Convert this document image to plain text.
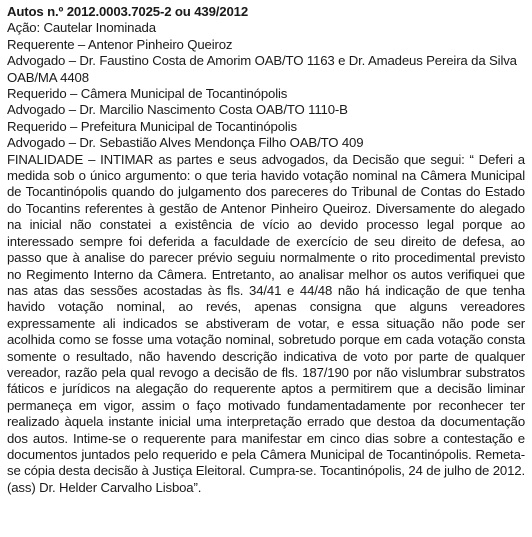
Autos n.º 2012.0003.7025-2 ou 439/2012
Ação: Cautelar Inominada
Requerente – Antenor Pinheiro Queiroz
Advogado – Dr. Faustino Costa de Amorim OAB/TO 1163 e Dr. Amadeus Pereira da Silva
OAB/MA 4408
Requerido – Câmera Municipal de Tocantinópolis
Advogado – Dr. Marcilio Nascimento Costa OAB/TO 1110-B
Requerido – Prefeitura Municipal de Tocantinópolis
Advogado – Dr. Sebastião Alves Mendonça Filho OAB/TO 409

FINALIDADE – INTIMAR as partes e seus advogados, da Decisão que segui: “ Deferi a medida sob o único argumento: o que teria havido votação nominal na Câmera Municipal de Tocantinópolis quando do julgamento dos pareceres do Tribunal de Contas do Estado do Tocantins referentes à gestão de Antenor Pinheiro Queiroz. Diversamente do alegado na inicial não constatei a existência de vício ao devido processo legal porque ao interessado sempre foi deferida a faculdade de exercício de seu direito de defesa, ao passo que à analise do parecer prévio seguiu normalmente o rito procedimental previsto no Regimento Interno da Câmera. Entretanto, ao analisar melhor os autos verifiquei que nas atas das sessões acostadas às fls. 34/41 e 44/48 não há indicação de que tenha havido votação nominal, ao revés, apenas consigna que alguns vereadores expressamente ali indicados se abstiveram de votar, e essa situação não pode ser acolhida como se fosse uma votação nominal, sobretudo porque em cada votação consta somente o resultado, não havendo descrição indicativa de voto por parte de qualquer vereador, razão pela qual revogo a decisão de fls. 187/190 por não vislumbrar substratos fáticos e jurídicos na alegação do requerente aptos a permitirem que a decisão liminar permaneça em vigor, assim o faço motivado fundamentadamente por reconhecer ter realizado àquela instante inicial uma interpretação errado que destoa da documentação dos autos. Intime-se o requerente para manifestar em cinco dias sobre a contestação e documentos juntados pelo requerido e pela Câmera Municipal de Tocantinópolis. Remeta-se cópia desta decisão à Justiça Eleitoral. Cumpra-se. Tocantinópolis, 24 de julho de 2012. (ass) Dr. Helder Carvalho Lisboa”.
